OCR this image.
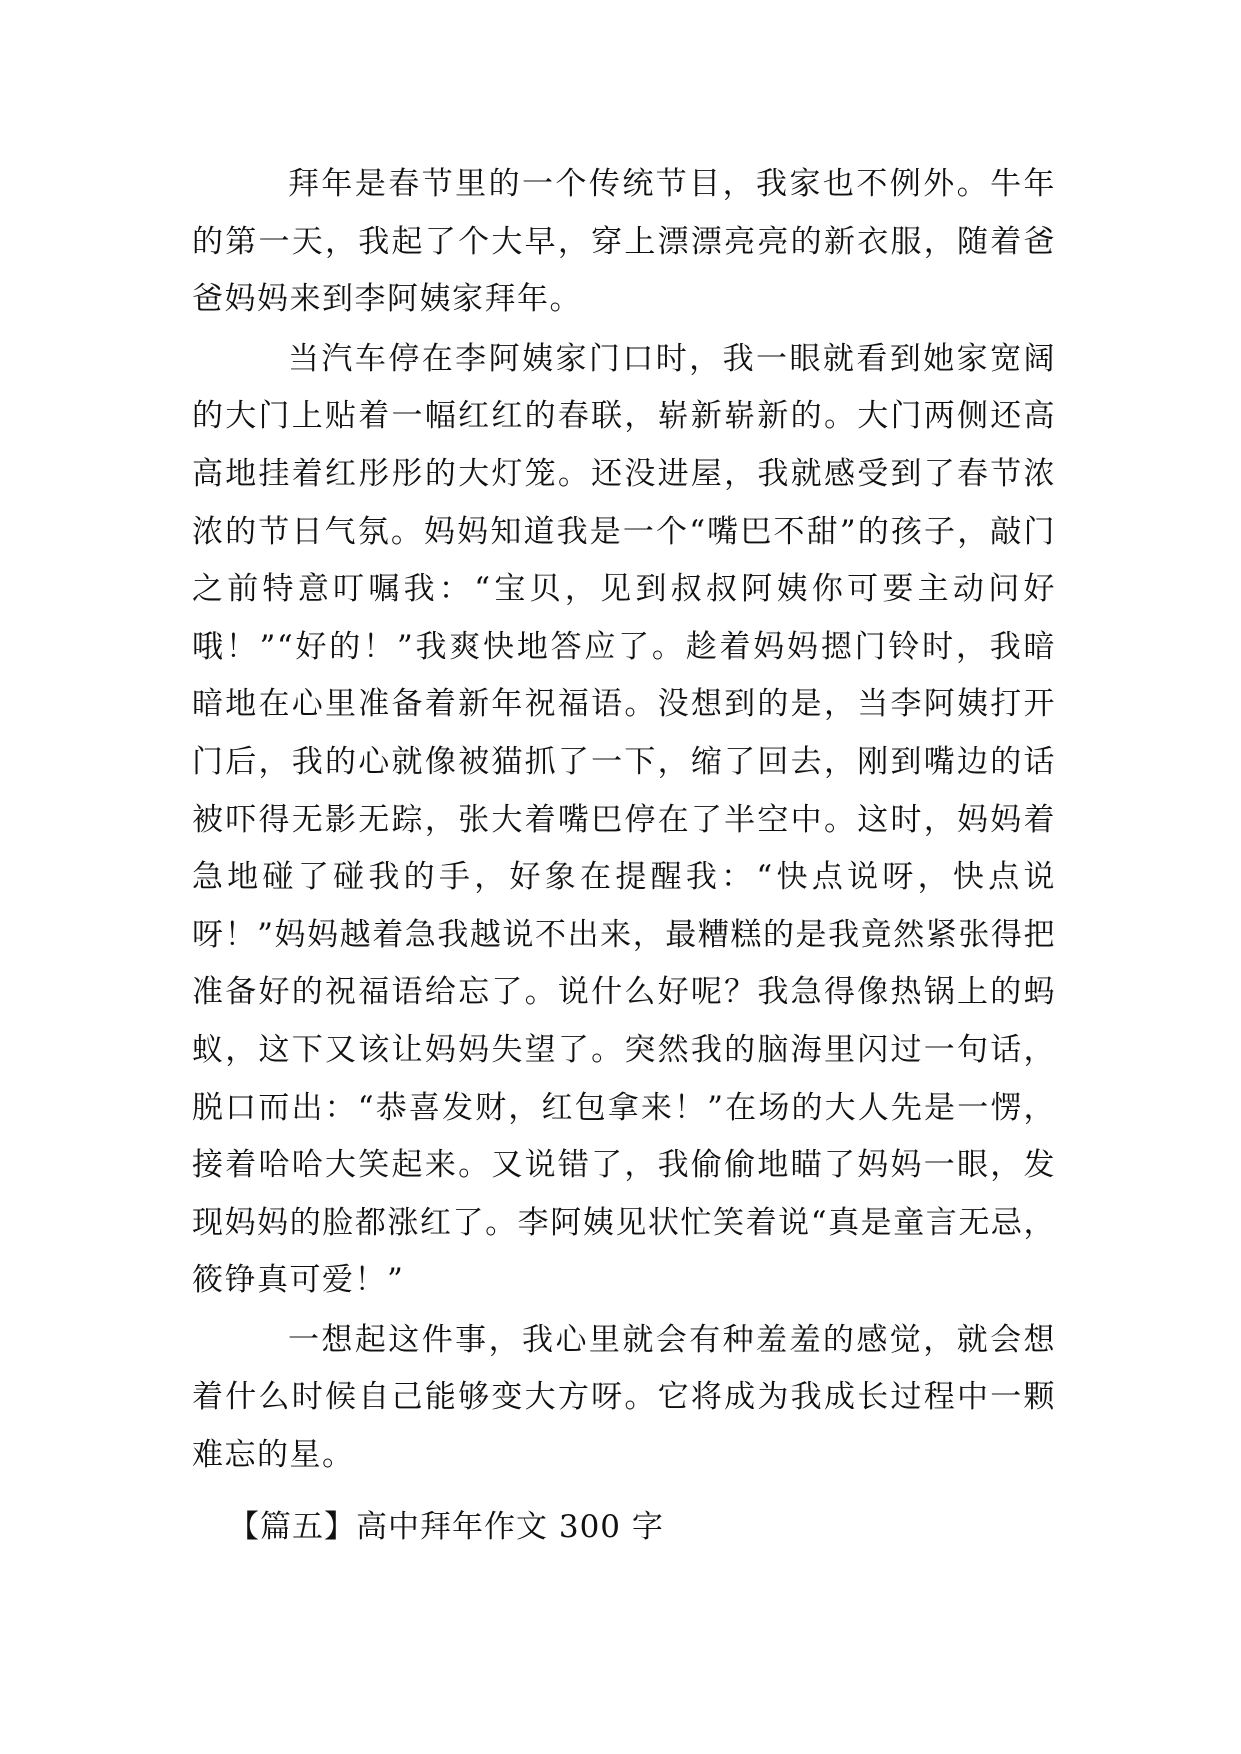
拜年是春节里的一个传统节目，我家也不例外。牛年的第一天，我起了个大早，穿上漂漂亮亮的新衣服，随着爸爸妈妈来到李阿姨家拜年。

当汽车停在李阿姨家门口时，我一眼就看到她家宽阔的大门上贴着一幅红红的春联，崭新崭新的。大门两侧还高高地挂着红彤彤的大灯笼。还没进屋，我就感受到了春节浓浓的节日气氛。妈妈知道我是一个“嘴巴不甜”的孩子，敲门之前特意叮嘱我：“宝贝，见到叔叔阿姨你可要主动问好哦！”“好的！”我爽快地答应了。趁着妈妈摁门铃时，我暗暗地在心里准备着新年祝福语。没想到的是，当李阿姨打开门后，我的心就像被猫抓了一下，缩了回去，刚到嘴边的话被吓得无影无踪，张大着嘴巴停在了半空中。这时，妈妈着急地碰了碰我的手，好象在提醒我：“快点说呀，快点说呀！”妈妈越着急我越说不出来，最糟糕的是我竟然紧张得把准备好的祝福语给忘了。说什么好呢？我急得像热锅上的蚂蚁，这下又该让妈妈失望了。突然我的脑海里闪过一句话，脱口而出：“恭喜发财，红包拿来！”在场的大人先是一愣，接着哈哈大笑起来。又说错了，我偷偷地瞄了妈妈一眼，发现妈妈的脸都涨红了。李阿姨见状忙笑着说“真是童言无忌，筱铮真可爱！”

一想起这件事，我心里就会有种羞羞的感觉，就会想着什么时候自己能够变大方呀。它将成为我成长过程中一颗难忘的星。

【篇五】高中拜年作文 300 字
